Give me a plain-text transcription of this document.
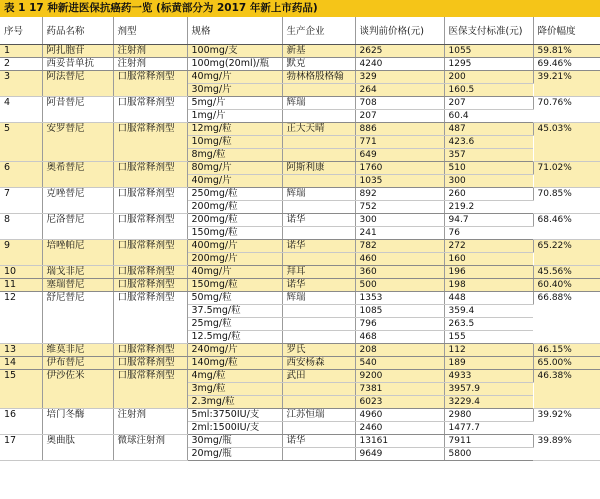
表 1 17 种新进医保抗癌药一览 (标黄部分为 2017 年新上市药品)
序号	药品名称	剂型	规格	生产企业	谈判前价格(元)	医保支付标准(元)	降价幅度
1	阿扎胞苷	注射剂	100mg/支	新基	2625	1055	59.81%
2	西妥昔单抗	注射剂	100mg(20ml)/瓶	默克	4240	1295	69.46%
3	阿法替尼	口服常释剂型	40mg/片	勃林格殷格翰	329	200	39.21%
			30mg/片		264	160.5	
4	阿昔替尼	口服常释剂型	5mg/片	辉瑞	708	207	70.76%
			1mg/片		207	60.4	
5	安罗替尼	口服常释剂型	12mg/粒	正大天晴	886	487	45.03%
			10mg/粒		771	423.6	
			8mg/粒		649	357	
6	奥希替尼	口服常释剂型	80mg/片	阿斯利康	1760	510	71.02%
			40mg/片		1035	300	
7	克唑替尼	口服常释剂型	250mg/粒	辉瑞	892	260	70.85%
			200mg/粒		752	219.2	
8	尼洛替尼	口服常释剂型	200mg/粒	诺华	300	94.7	68.46%
			150mg/粒		241	76	
9	培唑帕尼	口服常释剂型	400mg/片	诺华	782	272	65.22%
			200mg/片		460	160	
10	瑞戈非尼	口服常释剂型	40mg/片	拜耳	360	196	45.56%
11	塞瑞替尼	口服常释剂型	150mg/粒	诺华	500	198	60.40%
12	舒尼替尼	口服常释剂型	50mg/粒	辉瑞	1353	448	66.88%
			37.5mg/粒		1085	359.4	
			25mg/粒		796	263.5	
			12.5mg/粒		468	155	
13	维莫非尼	口服常释剂型	240mg/片	罗氏	208	112	46.15%
14	伊布替尼	口服常释剂型	140mg/粒	西安杨森	540	189	65.00%
15	伊沙佐米	口服常释剂型	4mg/粒	武田	9200	4933	46.38%
			3mg/粒		7381	3957.9	
			2.3mg/粒		6023	3229.4	
16	培门冬酶	注射剂	5ml:3750IU/支	江苏恒瑞	4960	2980	39.92%
			2ml:1500IU/支		2460	1477.7	
17	奥曲肽	微球注射剂	30mg/瓶	诺华	13161	7911	39.89%
			20mg/瓶		9649	5800	
